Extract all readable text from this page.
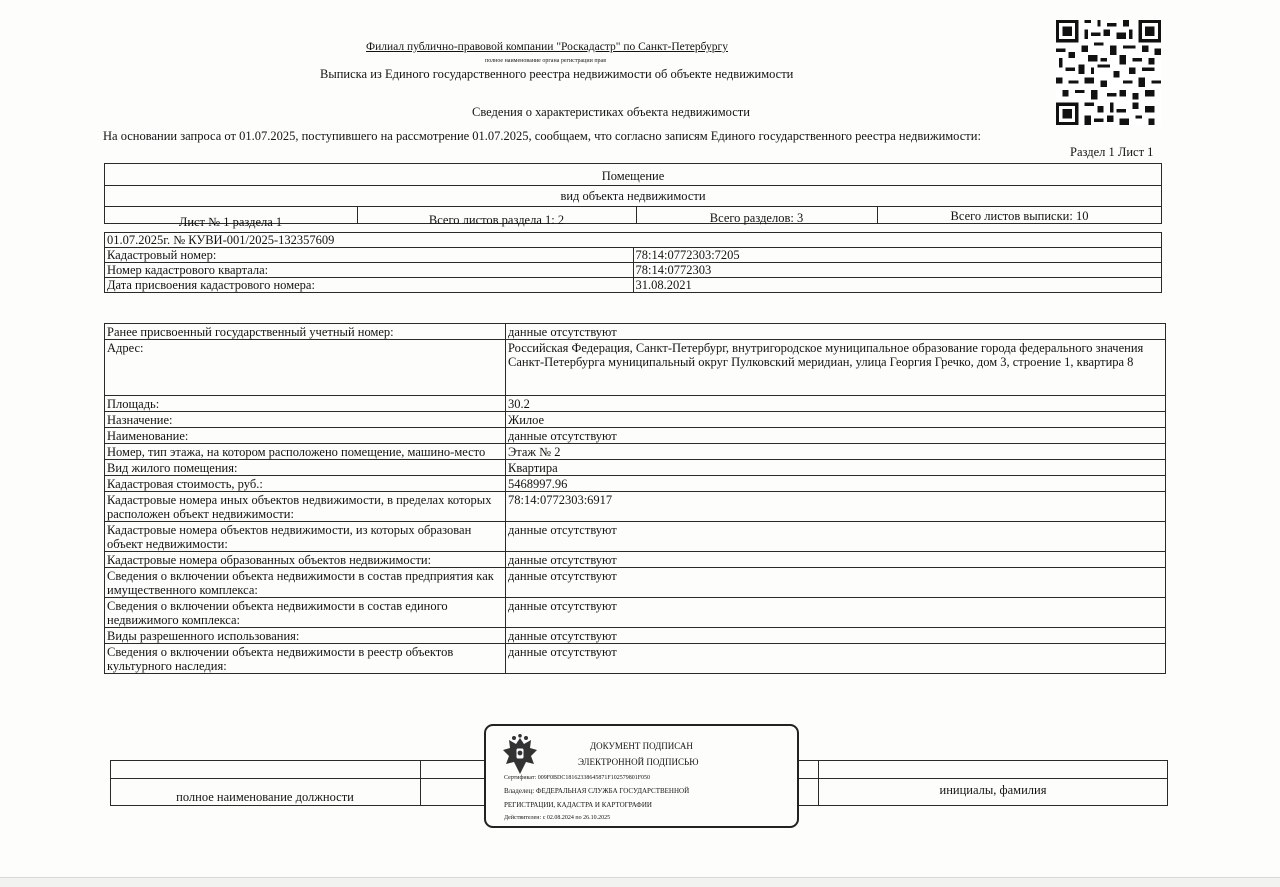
Филиал публично-правовой компании "Роскадастр" по Санкт-Петербургу
полное наименование органа регистрации прав
Выписка из Единого государственного реестра недвижимости об объекте недвижимости
Сведения о характеристиках объекта недвижимости
На основании запроса от 01.07.2025, поступившего на рассмотрение 01.07.2025, сообщаем, что согласно записям Единого государственного реестра недвижимости:
Раздел 1 Лист 1
Помещение
вид объекта недвижимости
Лист № 1 раздела 1	Всего листов раздела 1: 2	Всего разделов: 3	Всего листов выписки: 10
01.07.2025г. № КУВИ-001/2025-132357609	
Кадастровый номер:	78:14:0772303:7205
Номер кадастрового квартала:	78:14:0772303
Дата присвоения кадастрового номера:	31.08.2021
Ранее присвоенный государственный учетный номер:	данные отсутствуют
Адрес:	Российская Федерация, Санкт-Петербург, внутригородское муниципальное образование города федерального значения Санкт-Петербурга муниципальный округ Пулковский меридиан, улица Георгия Гречко, дом 3, строение 1, квартира 8
Площадь:	30.2
Назначение:	Жилое
Наименование:	данные отсутствуют
Номер, тип этажа, на котором расположено помещение, машино-место	Этаж № 2
Вид жилого помещения:	Квартира
Кадастровая стоимость, руб.:	5468997.96
Кадастровые номера иных объектов недвижимости, в пределах которых расположен объект недвижимости:	78:14:0772303:6917
Кадастровые номера объектов недвижимости, из которых образован объект недвижимости:	данные отсутствуют
Кадастровые номера образованных объектов недвижимости:	данные отсутствуют
Сведения о включении объекта недвижимости в состав предприятия как имущественного комплекса:	данные отсутствуют
Сведения о включении объекта недвижимости в состав единого недвижимого комплекса:	данные отсутствуют
Виды разрешенного использования:	данные отсутствуют
Сведения о включении объекта недвижимости в реестр объектов культурного наследия:	данные отсутствуют
полное наименование должности	инициалы, фамилия
ДОКУМЕНТ ПОДПИСАН
ЭЛЕКТРОННОЙ ПОДПИСЬЮ
Сертификат: 009F0BDC18162338645871F102579801F050
Владелец: ФЕДЕРАЛЬНАЯ СЛУЖБА ГОСУДАРСТВЕННОЙ
РЕГИСТРАЦИИ, КАДАСТРА И КАРТОГРАФИИ
Действителен: с 02.08.2024 по 26.10.2025
